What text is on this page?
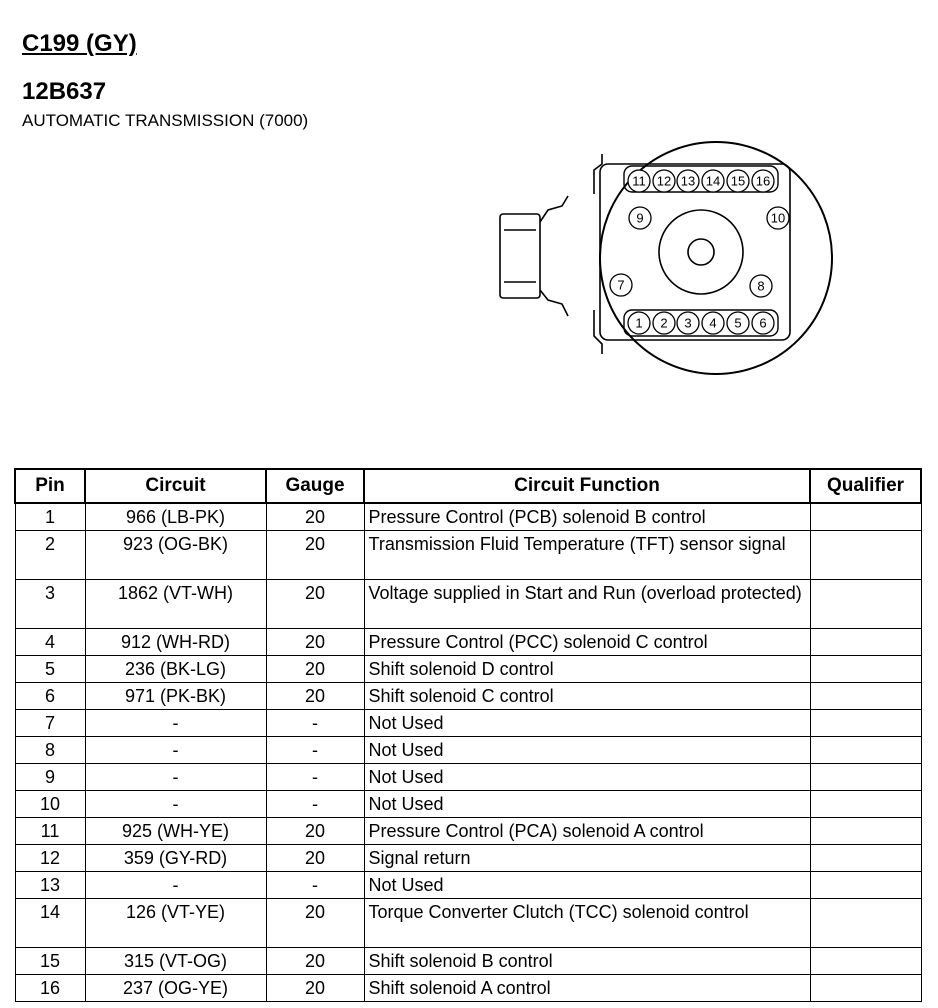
C199 (GY)
12B637

AUTOMATIC TRANSMISSION (7000)

11 12 13 14 15 16
1 2 3 4 5 6
9	10
7	8
Pin	Circuit	Gauge	Circuit Function	Qualifier
1	966 (LB-PK)	20	Pressure Control (PCB) solenoid B control	
2	923 (OG-BK)	20	Transmission Fluid Temperature (TFT) sensor signal	
3	1862 (VT-WH)	20	Voltage supplied in Start and Run (overload protected)	
4	912 (WH-RD)	20	Pressure Control (PCC) solenoid C control	
5	236 (BK-LG)	20	Shift solenoid D control	
6	971 (PK-BK)	20	Shift solenoid C control	
7	-	-	Not Used	
8	-	-	Not Used	
9	-	-	Not Used	
10	-	-	Not Used	
11	925 (WH-YE)	20	Pressure Control (PCA) solenoid A control	
12	359 (GY-RD)	20	Signal return	
13	-	-	Not Used	
14	126 (VT-YE)	20	Torque Converter Clutch (TCC) solenoid control	
15	315 (VT-OG)	20	Shift solenoid B control	
16	237 (OG-YE)	20	Shift solenoid A control	
